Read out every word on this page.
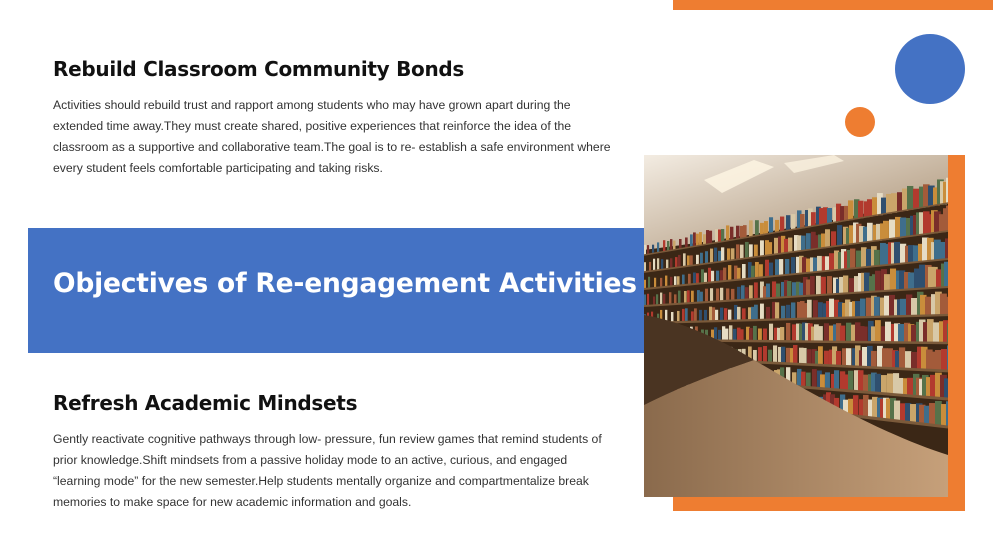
Rebuild Classroom Community Bonds

Activities should rebuild trust and rapport among students who may have grown apart during the extended time away.They must create shared, positive experiences that reinforce the idea of the classroom as a supportive and collaborative team.The goal is to re- establish a safe environment where every student feels comfortable participating and taking risks.

Objectives of Re-engagement Activities
Refresh Academic Mindsets

Gently reactivate cognitive pathways through low- pressure, fun review games that remind students of prior knowledge.Shift mindsets from a passive holiday mode to an active, curious, and engaged “learning mode” for the new semester.Help students mentally organize and compartmentalize break memories to make space for new academic information and goals.
